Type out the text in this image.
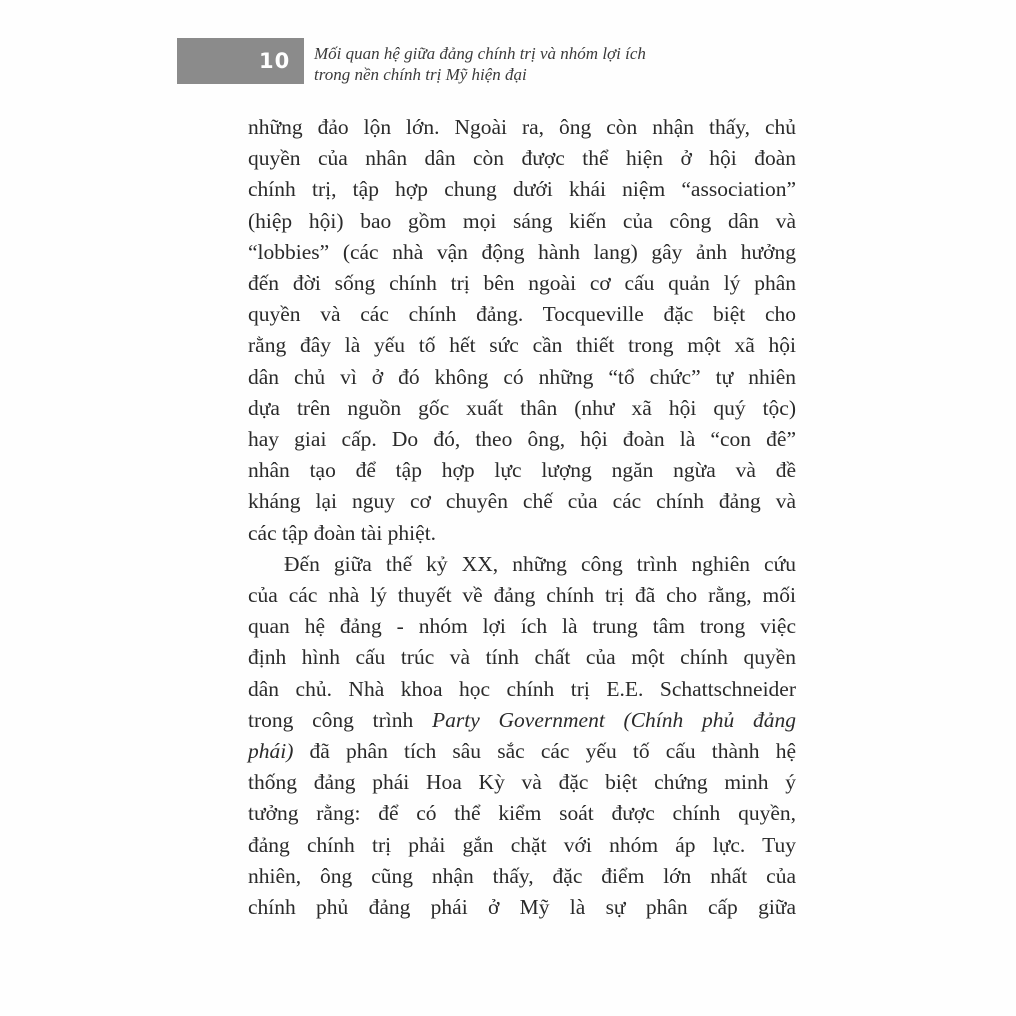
10 Mối quan hệ giữa đảng chính trị và nhóm lợi ích
trong nền chính trị Mỹ hiện đại
những đảo lộn lớn. Ngoài ra, ông còn nhận thấy, chủ
quyền của nhân dân còn được thể hiện ở hội đoàn
chính trị, tập hợp chung dưới khái niệm “association”
(hiệp hội) bao gồm mọi sáng kiến của công dân và
“lobbies” (các nhà vận động hành lang) gây ảnh hưởng
đến đời sống chính trị bên ngoài cơ cấu quản lý phân
quyền và các chính đảng. Tocqueville đặc biệt cho
rằng đây là yếu tố hết sức cần thiết trong một xã hội
dân chủ vì ở đó không có những “tổ chức” tự nhiên
dựa trên nguồn gốc xuất thân (như xã hội quý tộc)
hay giai cấp. Do đó, theo ông, hội đoàn là “con đê”
nhân tạo để tập hợp lực lượng ngăn ngừa và đề
kháng lại nguy cơ chuyên chế của các chính đảng và
các tập đoàn tài phiệt.
Đến giữa thế kỷ XX, những công trình nghiên cứu
của các nhà lý thuyết về đảng chính trị đã cho rằng, mối
quan hệ đảng - nhóm lợi ích là trung tâm trong việc
định hình cấu trúc và tính chất của một chính quyền
dân chủ. Nhà khoa học chính trị E.E. Schattschneider
trong công trình Party Government (Chính phủ đảng
phái) đã phân tích sâu sắc các yếu tố cấu thành hệ
thống đảng phái Hoa Kỳ và đặc biệt chứng minh ý
tưởng rằng: để có thể kiểm soát được chính quyền,
đảng chính trị phải gắn chặt với nhóm áp lực. Tuy
nhiên, ông cũng nhận thấy, đặc điểm lớn nhất của
chính phủ đảng phái ở Mỹ là sự phân cấp giữa
